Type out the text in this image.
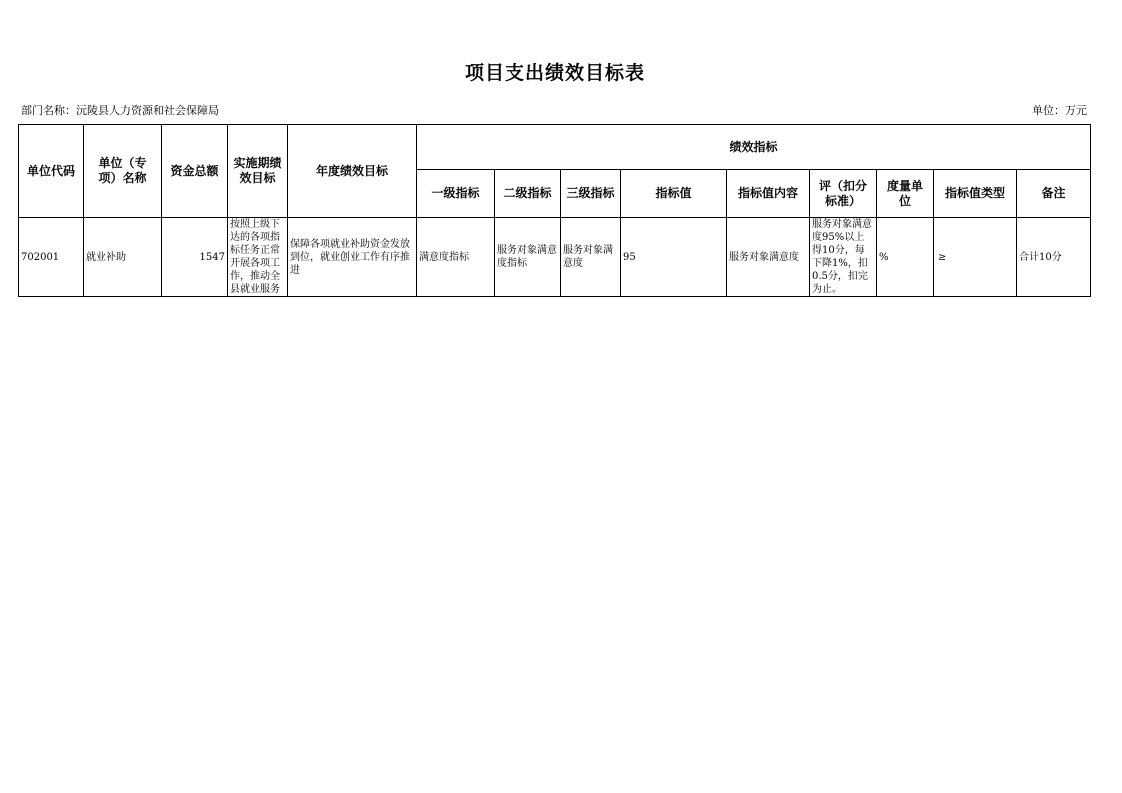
项目支出绩效目标表
部门名称：沅陵县人力资源和社会保障局	单位：万元
单位代码	单位（专项）名称	资金总额	实施期绩效目标	年度绩效目标	绩效指标								
					一级指标	二级指标	三级指标	指标值	指标值内容	评（扣分标准）	度量单位	指标值类型	备注
702001	就业补助	1547	按照上级下达的各项指标任务正常开展各项工作，推动全县就业服务	保障各项就业补助资金发放到位，就业创业工作有序推进	满意度指标	服务对象满意度指标	服务对象满意度	95	服务对象满意度	服务对象满意度95%以上得10分，每下降1%，扣0.5分，扣完为止。	%	≥	合计10分
